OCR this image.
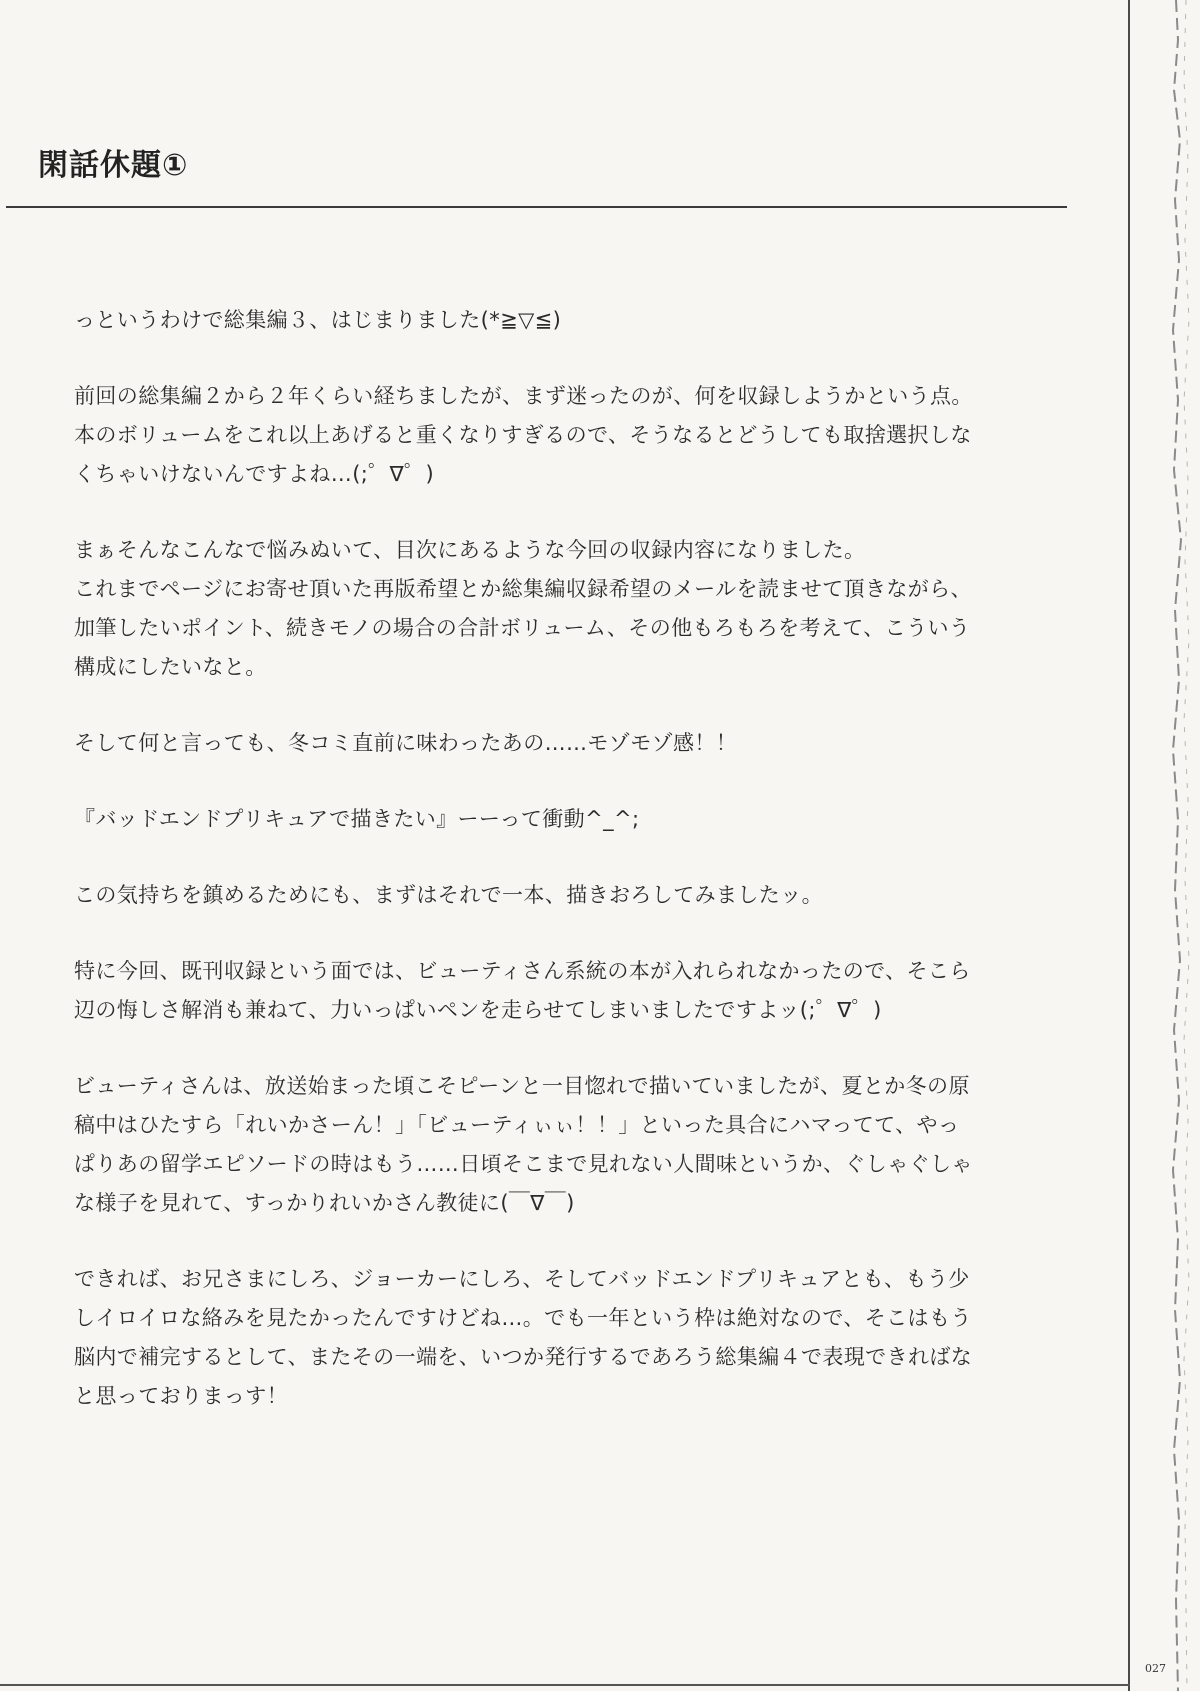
閑話休題①

っというわけで総集編３、はじまりました(*≧▽≦)

前回の総集編２から２年くらい経ちましたが、まず迷ったのが、何を収録しようかという点。
本のボリュームをこれ以上あげると重くなりすぎるので、そうなるとどうしても取捨選択しな
くちゃいけないんですよね…(;゜∇゜)

まぁそんなこんなで悩みぬいて、目次にあるような今回の収録内容になりました。
これまでページにお寄せ頂いた再版希望とか総集編収録希望のメールを読ませて頂きながら、
加筆したいポイント、続きモノの場合の合計ボリューム、その他もろもろを考えて、こういう
構成にしたいなと。

そして何と言っても、冬コミ直前に味わったあの……モゾモゾ感！！

『バッドエンドプリキュアで描きたい』ーーって衝動^_^;

この気持ちを鎮めるためにも、まずはそれで一本、描きおろしてみましたッ。

特に今回、既刊収録という面では、ビューティさん系統の本が入れられなかったので、そこら
辺の悔しさ解消も兼ねて、力いっぱいペンを走らせてしまいましたですよッ(;゜∇゜)

ビューティさんは、放送始まった頃こそピーンと一目惚れで描いていましたが、夏とか冬の原
稿中はひたすら「れいかさーん！」「ビューティぃぃ！！」といった具合にハマってて、やっ
ぱりあの留学エピソードの時はもう……日頃そこまで見れない人間味というか、ぐしゃぐしゃ
な様子を見れて、すっかりれいかさん教徒に(￣∇￣)

できれば、お兄さまにしろ、ジョーカーにしろ、そしてバッドエンドプリキュアとも、もう少
しイロイロな絡みを見たかったんですけどね…。でも一年という枠は絶対なので、そこはもう
脳内で補完するとして、またその一端を、いつか発行するであろう総集編４で表現できればな
と思っておりまっす！

027
